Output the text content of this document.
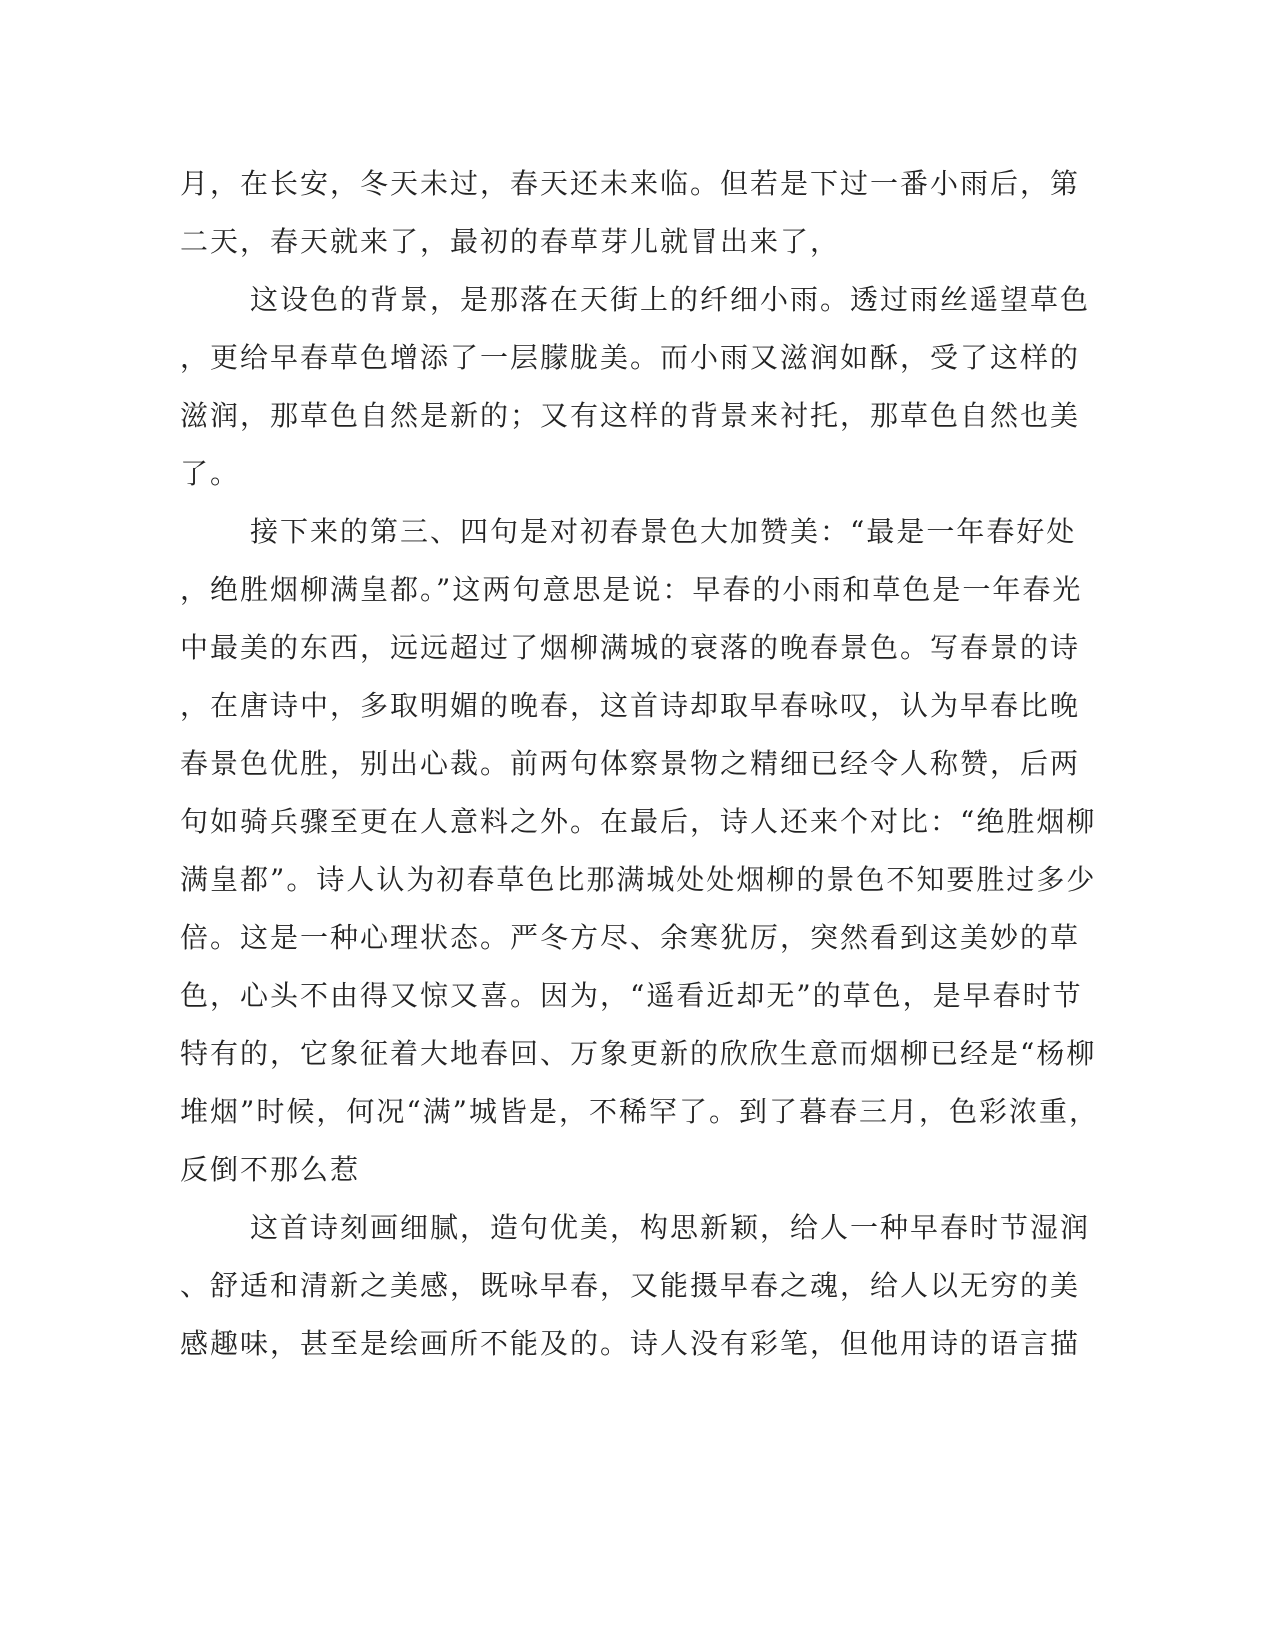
月，在长安，冬天未过，春天还未来临。但若是下过一番小雨后，第
二天，春天就来了，最初的春草芽儿就冒出来了，
这设色的背景，是那落在天街上的纤细小雨。透过雨丝遥望草色
，更给早春草色增添了一层朦胧美。而小雨又滋润如酥，受了这样的
滋润，那草色自然是新的；又有这样的背景来衬托，那草色自然也美
了。
接下来的第三、四句是对初春景色大加赞美：“最是一年春好处
，绝胜烟柳满皇都。”这两句意思是说：早春的小雨和草色是一年春光
中最美的东西，远远超过了烟柳满城的衰落的晚春景色。写春景的诗
，在唐诗中，多取明媚的晚春，这首诗却取早春咏叹，认为早春比晚
春景色优胜，别出心裁。前两句体察景物之精细已经令人称赞，后两
句如骑兵骤至更在人意料之外。在最后，诗人还来个对比：“绝胜烟柳
满皇都”。诗人认为初春草色比那满城处处烟柳的景色不知要胜过多少
倍。这是一种心理状态。严冬方尽、余寒犹厉，突然看到这美妙的草
色，心头不由得又惊又喜。因为，“遥看近却无”的草色，是早春时节
特有的，它象征着大地春回、万象更新的欣欣生意而烟柳已经是“杨柳
堆烟”时候，何况“满”城皆是，不稀罕了。到了暮春三月，色彩浓重，
反倒不那么惹
这首诗刻画细腻，造句优美，构思新颖，给人一种早春时节湿润
、舒适和清新之美感，既咏早春，又能摄早春之魂，给人以无穷的美
感趣味，甚至是绘画所不能及的。诗人没有彩笔，但他用诗的语言描
